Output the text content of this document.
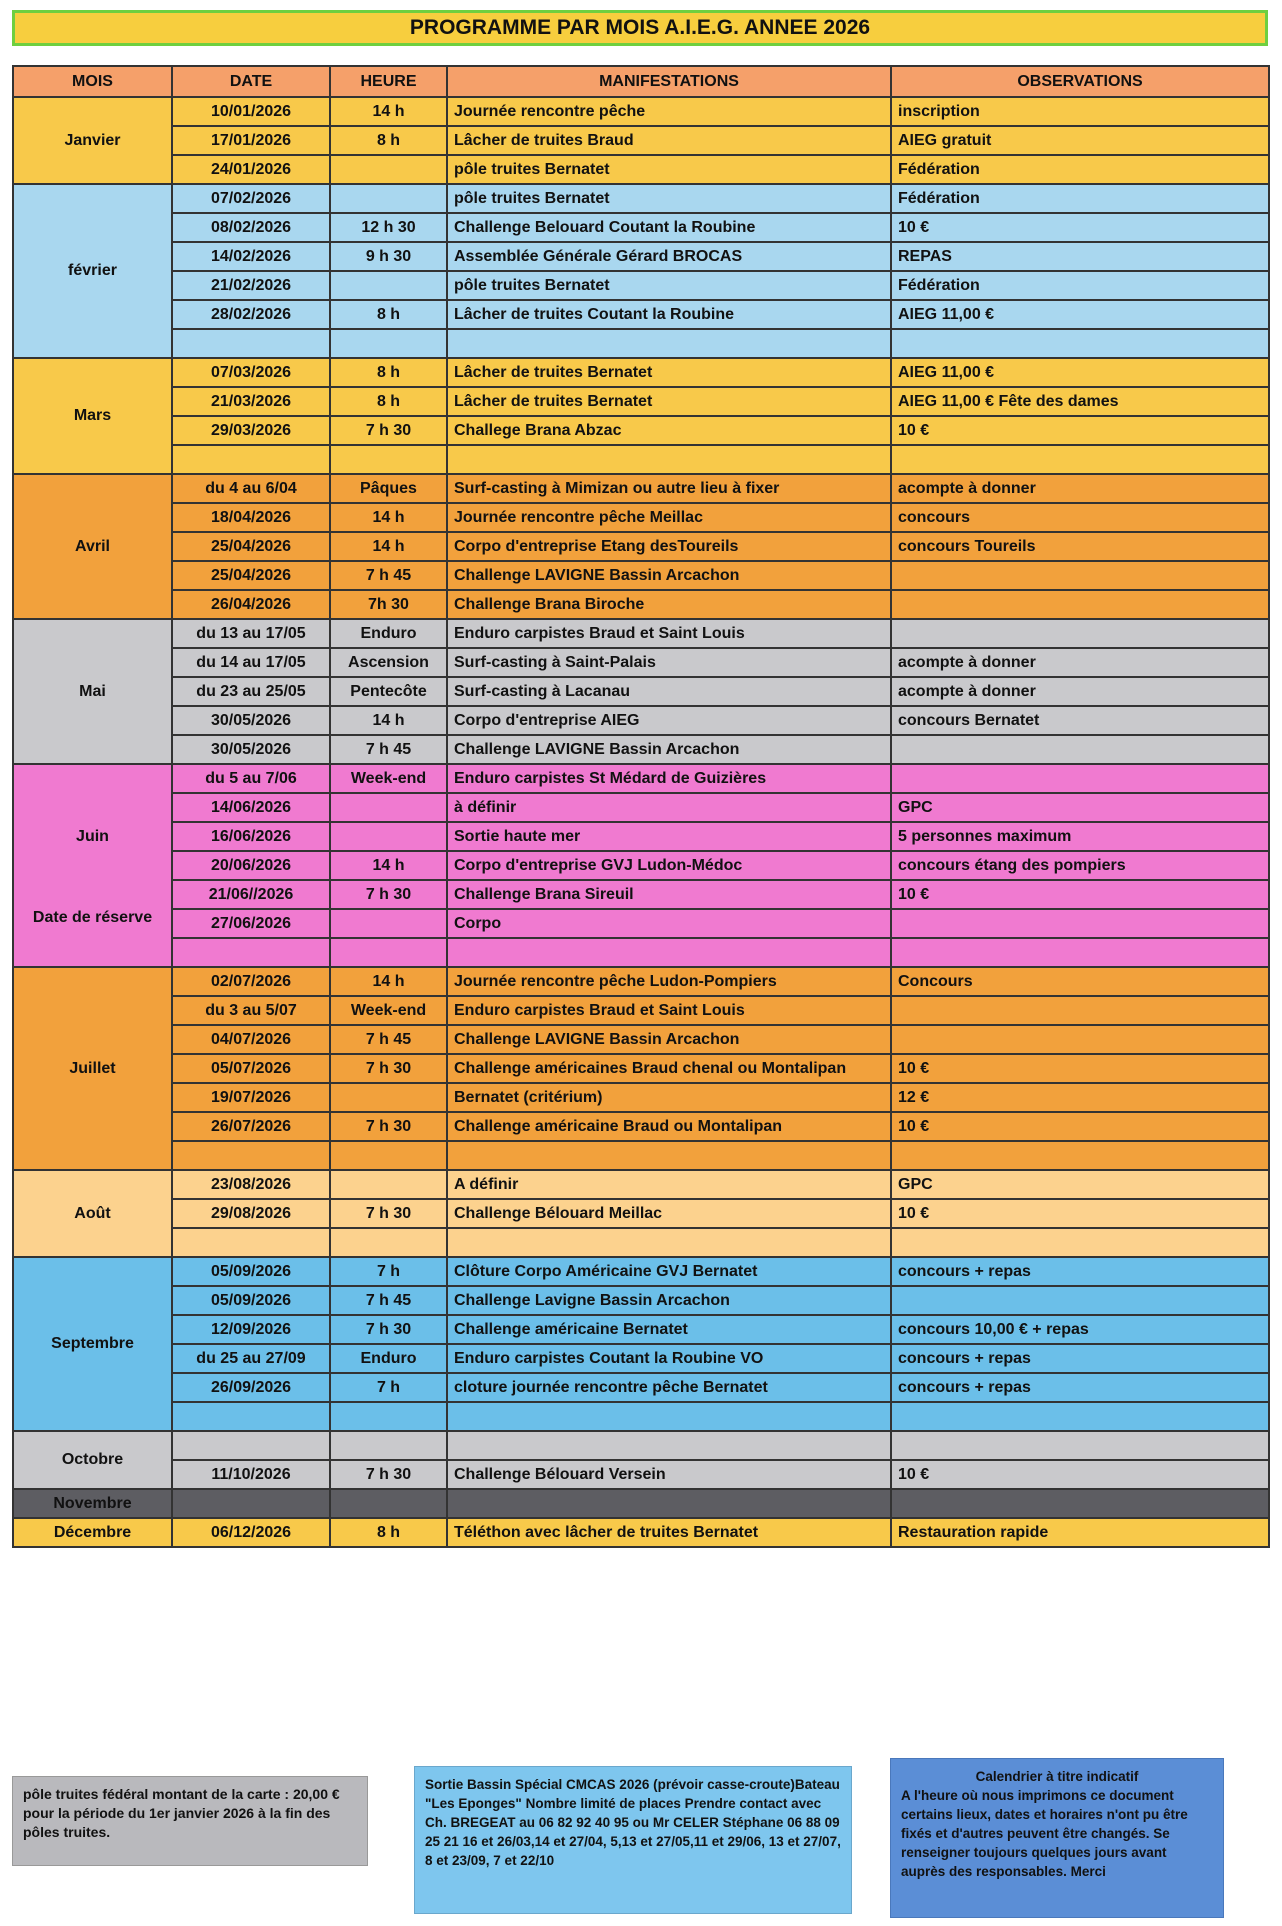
PROGRAMME PAR MOIS A.I.E.G. ANNEE 2026
MOIS	DATE	HEURE	MANIFESTATIONS	OBSERVATIONS
Janvier	10/01/2026	14 h	Journée rencontre pêche	inscription
	17/01/2026	8 h	Lâcher de truites Braud	AIEG gratuit
	24/01/2026		pôle truites Bernatet	Fédération
février	07/02/2026		pôle truites Bernatet	Fédération
	08/02/2026	12 h 30	Challenge Belouard Coutant la Roubine	10 €
	14/02/2026	9 h 30	Assemblée Générale Gérard BROCAS	REPAS
	21/02/2026		pôle truites Bernatet	Fédération
	28/02/2026	8 h	Lâcher de truites Coutant la Roubine	AIEG 11,00 €

Mars	07/03/2026	8 h	Lâcher de truites Bernatet	AIEG 11,00 €
	21/03/2026	8 h	Lâcher de truites Bernatet	AIEG 11,00 € Fête des dames
	29/03/2026	7 h 30	Challege Brana Abzac	10 €

Avril	du 4 au 6/04	Pâques	Surf-casting à Mimizan ou autre lieu à fixer	acompte à donner
	18/04/2026	14 h	Journée rencontre pêche Meillac	concours
	25/04/2026	14 h	Corpo d'entreprise Etang desToureils	concours Toureils
	25/04/2026	7 h 45	Challenge LAVIGNE Bassin Arcachon	
	26/04/2026	7h 30	Challenge Brana Biroche	
Mai	du 13 au 17/05	Enduro	Enduro carpistes Braud et Saint Louis	
	du 14 au 17/05	Ascension	Surf-casting à Saint-Palais	acompte à donner
	du 23 au 25/05	Pentecôte	Surf-casting à Lacanau	acompte à donner
	30/05/2026	14 h	Corpo d'entreprise AIEG	concours Bernatet
	30/05/2026	7 h 45	Challenge LAVIGNE Bassin Arcachon	
Juin	du 5 au 7/06	Week-end	Enduro carpistes St Médard de Guizières	
	14/06/2026		à définir	GPC
	16/06/2026		Sortie haute mer	5 personnes maximum
	20/06/2026	14 h	Corpo d'entreprise GVJ Ludon-Médoc	concours étang des pompiers
	21/06//2026	7 h 30	Challenge Brana Sireuil	10 €
Date de réserve	27/06/2026		Corpo	

Juillet	02/07/2026	14 h	Journée rencontre pêche Ludon-Pompiers	Concours
	du 3 au 5/07	Week-end	Enduro carpistes Braud et Saint Louis	
	04/07/2026	7 h 45	Challenge LAVIGNE Bassin Arcachon	
	05/07/2026	7 h 30	Challenge américaines Braud chenal ou Montalipan	10 €
	19/07/2026		Bernatet (critérium)	12 €
	26/07/2026	7 h 30	Challenge américaine Braud ou Montalipan	10 €

Août	23/08/2026		A définir	GPC
	29/08/2026	7 h 30	Challenge Bélouard Meillac	10 €

Septembre	05/09/2026	7 h	Clôture Corpo Américaine GVJ Bernatet	concours + repas
	05/09/2026	7 h 45	Challenge Lavigne Bassin Arcachon	
	12/09/2026	7 h 30	Challenge américaine Bernatet	concours 10,00 € + repas
	du 25 au 27/09	Enduro	Enduro carpistes Coutant la Roubine VO	concours + repas
	26/09/2026	7 h	cloture journée rencontre pêche Bernatet	concours + repas

Octobre				
	11/10/2026	7 h 30	Challenge Bélouard Versein	10 €
Novembre				
Décembre	06/12/2026	8 h	Téléthon avec lâcher de truites Bernatet	Restauration rapide
pôle truites fédéral montant de la carte : 20,00 € pour la période du 1er janvier 2026 à la fin des pôles truites.
Sortie Bassin Spécial CMCAS 2026 (prévoir casse-croute)Bateau "Les Eponges" Nombre limité de places Prendre contact avec Ch. BREGEAT au 06 82 92 40 95 ou Mr CELER Stéphane 06 88 09 25 21 16 et 26/03,14 et 27/04, 5,13 et 27/05,11 et 29/06, 13 et 27/07, 8 et 23/09, 7 et 22/10
Calendrier à titre indicatif
A l'heure où nous imprimons ce document certains lieux, dates et horaires n'ont pu être fixés et d'autres peuvent être changés. Se renseigner toujours quelques jours avant auprès des responsables. Merci
